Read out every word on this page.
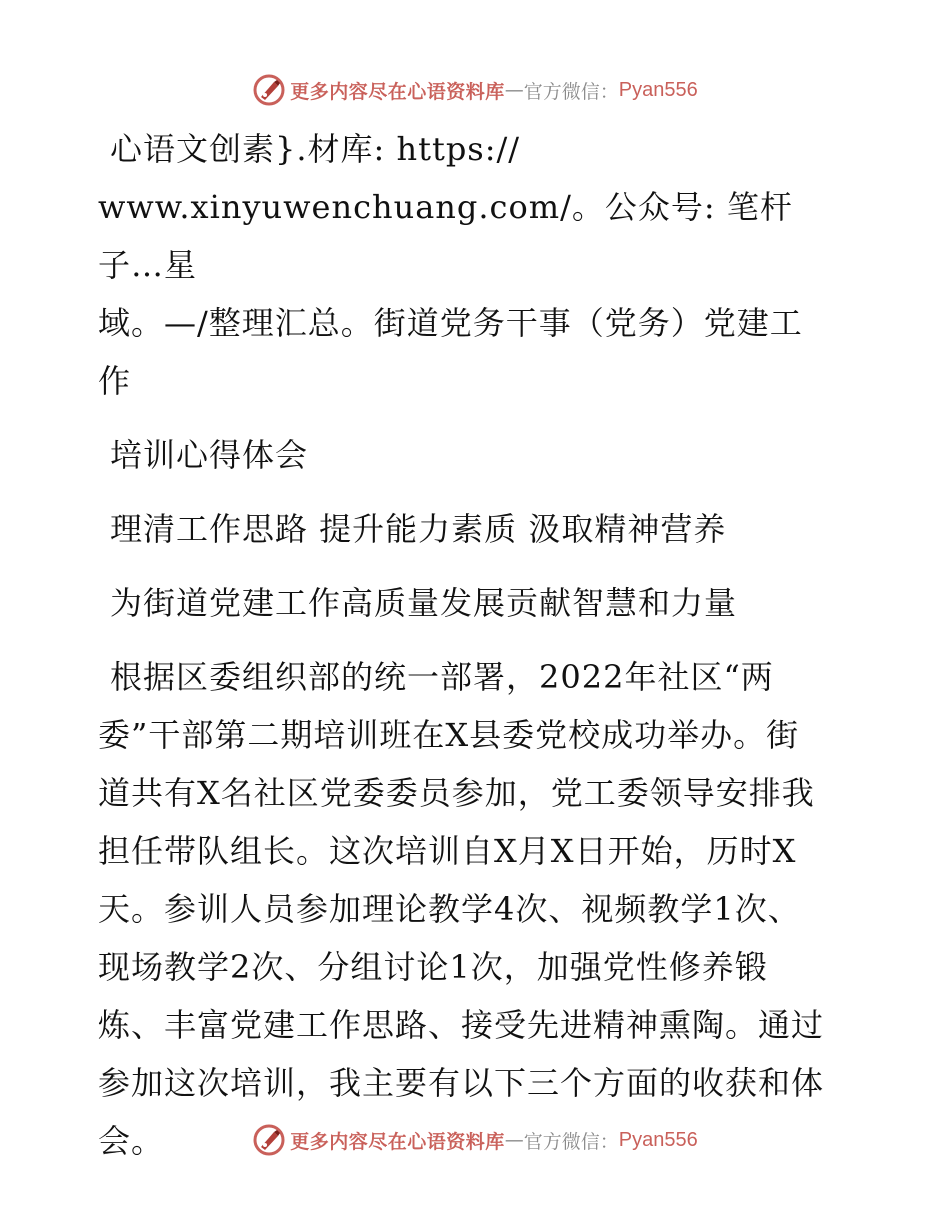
更多内容尽在心语资料库 — 官方微信： Pyan556

心语文创素}.材库: https://

www.xinyuwenchuang.com/。公众号: 笔杆子…星

域。—/整理汇总。街道党务干事（党务）党建工

作

培训心得体会

理清工作思路 提升能力素质 汲取精神营养

为街道党建工作高质量发展贡献智慧和力量

根据区委组织部的统一部署，2022年社区“两

委”干部第二期培训班在X县委党校成功举办。街

道共有X名社区党委委员参加，党工委领导安排我

担任带队组长。这次培训自X月X日开始，历时X

天。参训人员参加理论教学4次、视频教学1次、

现场教学2次、分组讨论1次，加强党性修养锻

炼、丰富党建工作思路、接受先进精神熏陶。通过

参加这次培训，我主要有以下三个方面的收获和体

会。	更多内容尽在心语资料库 — 官方微信： Pyan556
